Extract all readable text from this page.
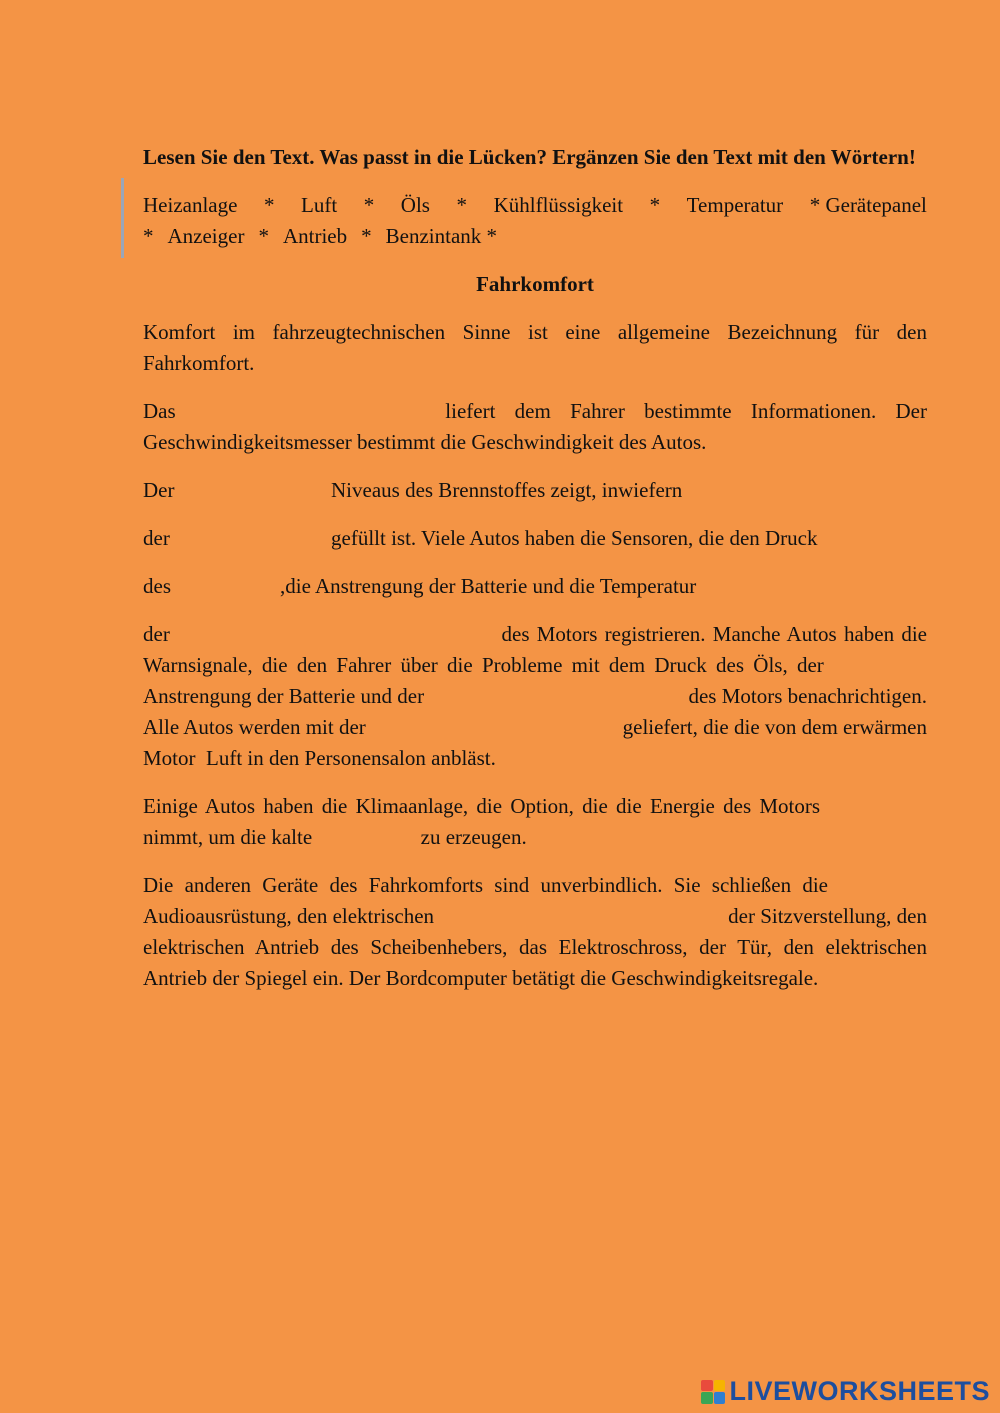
Lesen Sie den Text. Was passt in die Lücken? Ergänzen Sie den Text mit den Wörtern!
Heizanlage * Luft * Öls * Kühlflüssigkeit * Temperatur * Gerätepanel
* Anzeiger * Antrieb * Benzintank *
Fahrkomfort

Komfort im fahrzeugtechnischen Sinne ist eine allgemeine Bezeichnung für den Fahrkomfort.

Das	liefert dem Fahrer bestimmte Informationen. Der
Geschwindigkeitsmesser bestimmt die Geschwindigkeit des Autos.
Der	Niveaus des Brennstoffes zeigt, inwiefern
der	gefüllt ist. Viele Autos haben die Sensoren, die den Druck
des	,die Anstrengung der Batterie und die Temperatur
der	des Motors registrieren. Manche Autos haben die
Warnsignale, die den Fahrer über die Probleme mit dem Druck des Öls, der
Anstrengung der Batterie und der	des Motors benachrichtigen.
Alle Autos werden mit der	geliefert, die die von dem erwärmen
Motor  Luft in den Personensalon anbläst.
Einige Autos haben die Klimaanlage, die Option, die die Energie des Motors
nimmt, um die kalte	zu erzeugen.
Die anderen Geräte des Fahrkomforts sind unverbindlich. Sie schließen die
Audioausrüstung, den elektrischen	der Sitzverstellung, den

elektrischen Antrieb des Scheibenhebers, das Elektroschross, der Tür, den elektrischen Antrieb der Spiegel ein. Der Bordcomputer betätigt die Geschwindigkeitsregale.

LIVEWORKSHEETS
